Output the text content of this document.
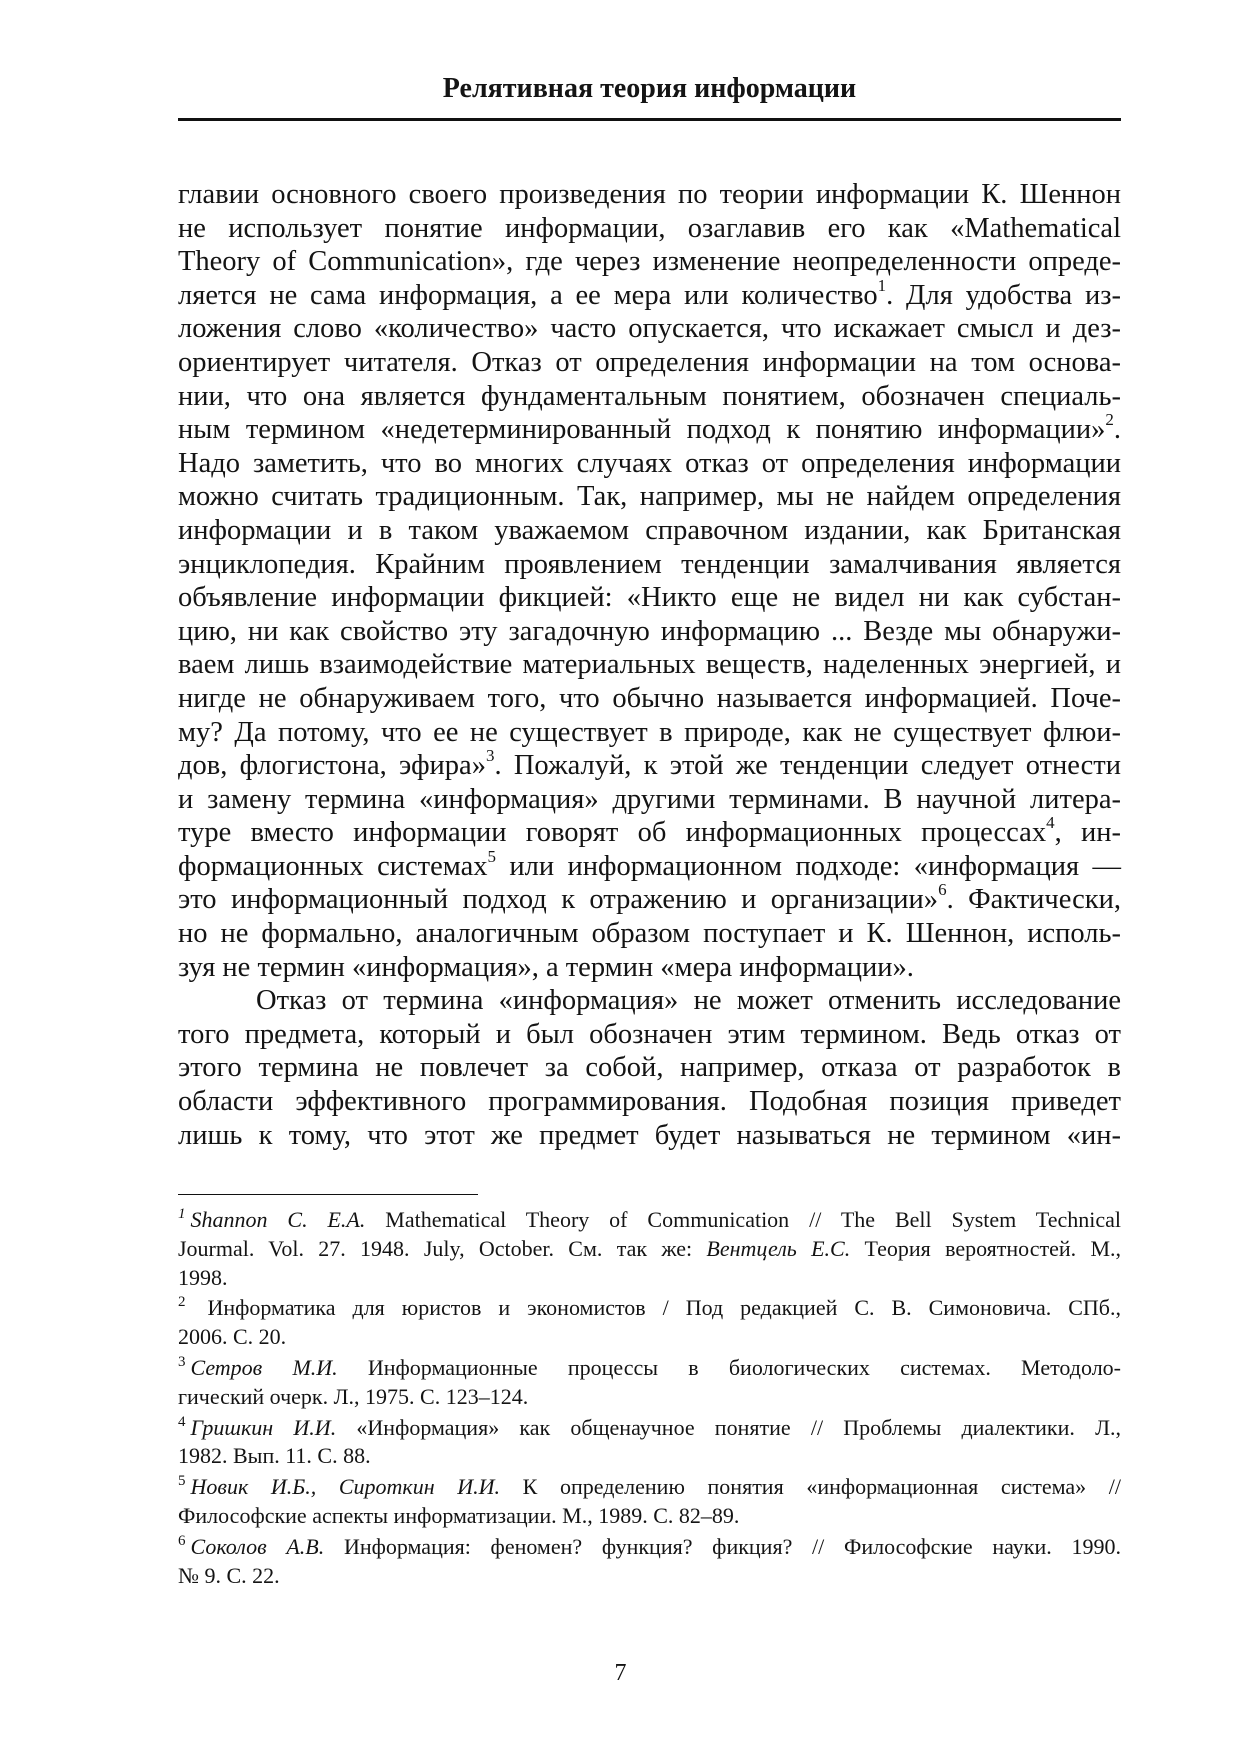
Релятивная теория информации
главии основного своего произведения по теории информации К. Шеннон
не использует понятие информации, озаглавив его как «Mathematical
Theory of Communication», где через изменение неопределенности опреде-
ляется не сама информация, а ее мера или количество$^1$. Для удобства из-
ложения слово «количество» часто опускается, что искажает смысл и дез-
ориентирует читателя. Отказ от определения информации на том основа-
нии, что она является фундаментальным понятием, обозначен специаль-
ным термином «недетерминированный подход к понятию информации»$^2$.
Надо заметить, что во многих случаях отказ от определения информации
можно считать традиционным. Так, например, мы не найдем определения
информации и в таком уважаемом справочном издании, как Британская
энциклопедия. Крайним проявлением тенденции замалчивания является
объявление информации фикцией: «Никто еще не видел ни как субстан-
цию, ни как свойство эту загадочную информацию ... Везде мы обнаружи-
ваем лишь взаимодействие материальных веществ, наделенных энергией, и
нигде не обнаруживаем того, что обычно называется информацией. Поче-
му? Да потому, что ее не существует в природе, как не существует флюи-
дов, флогистона, эфира»$^3$. Пожалуй, к этой же тенденции следует отнести
и замену термина «информация» другими терминами. В научной литера-
туре вместо информации говорят об информационных процессах$^4$, ин-
формационных системах$^5$ или информационном подходе: «информация —
это информационный подход к отражению и организации»$^6$. Фактически,
но не формально, аналогичным образом поступает и К. Шеннон, исполь-
зуя не термин «информация», а термин «мера информации».
Отказ от термина «информация» не может отменить исследование
того предмета, который и был обозначен этим термином. Ведь отказ от
этого термина не повлечет за собой, например, отказа от разработок в
области эффективного программирования. Подобная позиция приведет
лишь к тому, что этот же предмет будет называться не термином «ин-
$^1$ Shannon C. E.A. Mathematical Theory of Communication // The Bell System Technical
Jourmal. Vol. 27. 1948. July, October. См. так же: Вентцель Е.С. Теория вероятностей. М.,
1998.
$^2$ Информатика для юристов и экономистов / Под редакцией С. В. Симоновича. СПб.,
2006. С. 20.
$^3$ Сетров М.И. Информационные процессы в биологических системах. Методоло-
гический очерк. Л., 1975. С. 123–124.
$^4$ Гришкин И.И. «Информация» как общенаучное понятие // Проблемы диалектики. Л.,
1982. Вып. 11. С. 88.
$^5$ Новик И.Б., Сироткин И.И. К определению понятия «информационная система» //
Философские аспекты информатизации. М., 1989. С. 82–89.
$^6$ Соколов А.В. Информация: феномен? функция? фикция? // Философские науки. 1990.
№ 9. С. 22.
7
